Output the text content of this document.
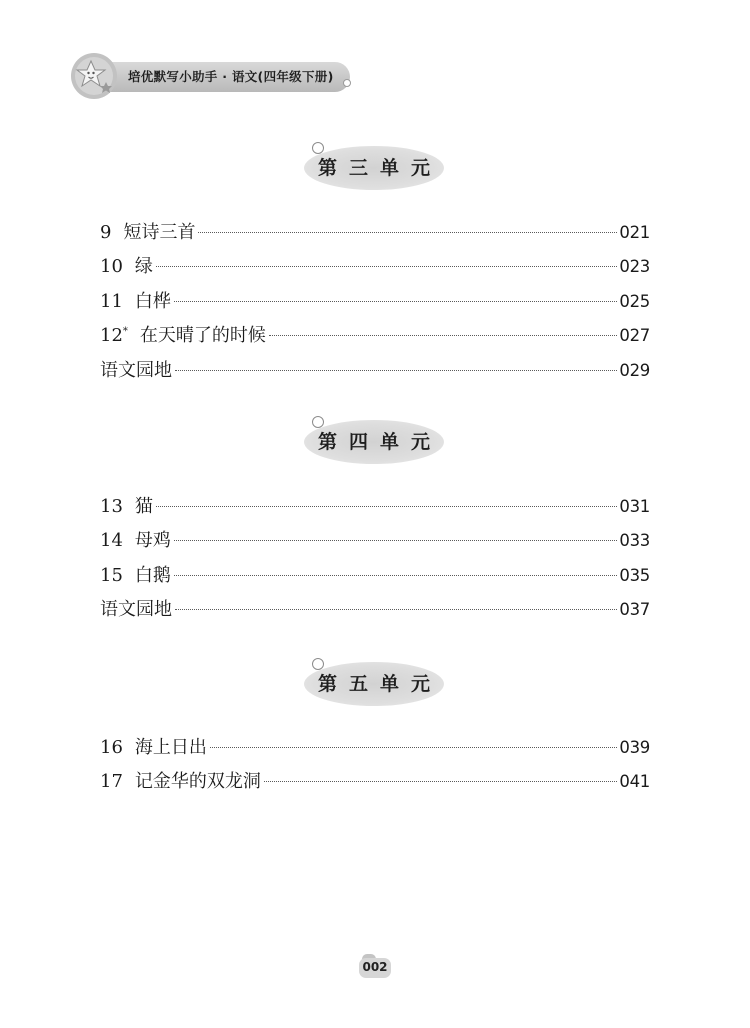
培优默写小助手 · 语文(四年级下册)
第三单元
9 短诗三首	021
10 绿	023
11 白桦	025
12* 在天晴了的时候	027
语文园地	029
第四单元
13 猫	031
14 母鸡	033
15 白鹅	035
语文园地	037
第五单元
16 海上日出	039
17 记金华的双龙洞	041
002
